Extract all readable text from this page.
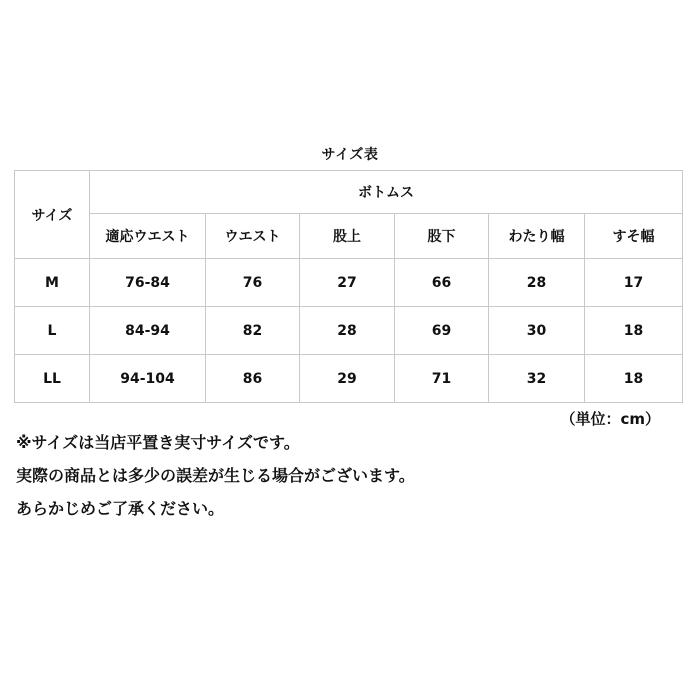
サイズ表
サイズ	ボトムス					
	適応ウエスト	ウエスト	股上	股下	わたり幅	すそ幅
M	76-84	76	27	66	28	17
L	84-94	82	28	69	30	18
LL	94-104	86	29	71	32	18
（単位：cm）
※サイズは当店平置き実寸サイズです。
実際の商品とは多少の誤差が生じる場合がございます。
あらかじめご了承ください。
